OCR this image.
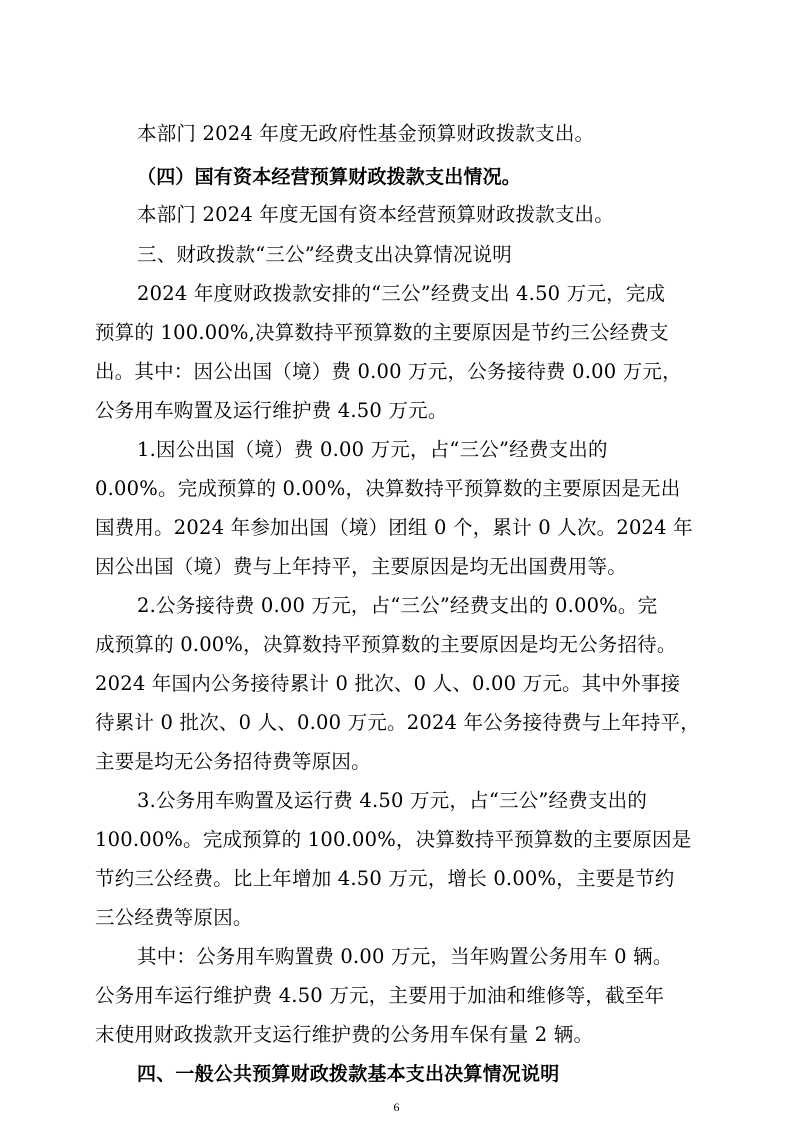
本部门 2024 年度无政府性基金预算财政拨款支出。
（四）国有资本经营预算财政拨款支出情况。
本部门 2024 年度无国有资本经营预算财政拨款支出。
三、财政拨款“三公”经费支出决算情况说明
2024 年度财政拨款安排的“三公”经费支出 4.50 万元，完成
预算的 100.00%,决算数持平预算数的主要原因是节约三公经费支
出。其中：因公出国（境）费 0.00 万元，公务接待费 0.00 万元，
公务用车购置及运行维护费 4.50 万元。
1.因公出国（境）费 0.00 万元，占“三公”经费支出的
0.00%。完成预算的 0.00%，决算数持平预算数的主要原因是无出
国费用。2024 年参加出国（境）团组 0 个，累计 0 人次。2024 年
因公出国（境）费与上年持平，主要原因是均无出国费用等。
2.公务接待费 0.00 万元，占“三公”经费支出的 0.00%。完
成预算的 0.00%，决算数持平预算数的主要原因是均无公务招待。
2024 年国内公务接待累计 0 批次、0 人、0.00 万元。其中外事接
待累计 0 批次、0 人、0.00 万元。2024 年公务接待费与上年持平，
主要是均无公务招待费等原因。
3.公务用车购置及运行费 4.50 万元，占“三公”经费支出的
100.00%。完成预算的 100.00%，决算数持平预算数的主要原因是
节约三公经费。比上年增加 4.50 万元，增长 0.00%，主要是节约
三公经费等原因。
其中：公务用车购置费 0.00 万元，当年购置公务用车 0 辆。
公务用车运行维护费 4.50 万元，主要用于加油和维修等，截至年
末使用财政拨款开支运行维护费的公务用车保有量 2 辆。
四、一般公共预算财政拨款基本支出决算情况说明
6
